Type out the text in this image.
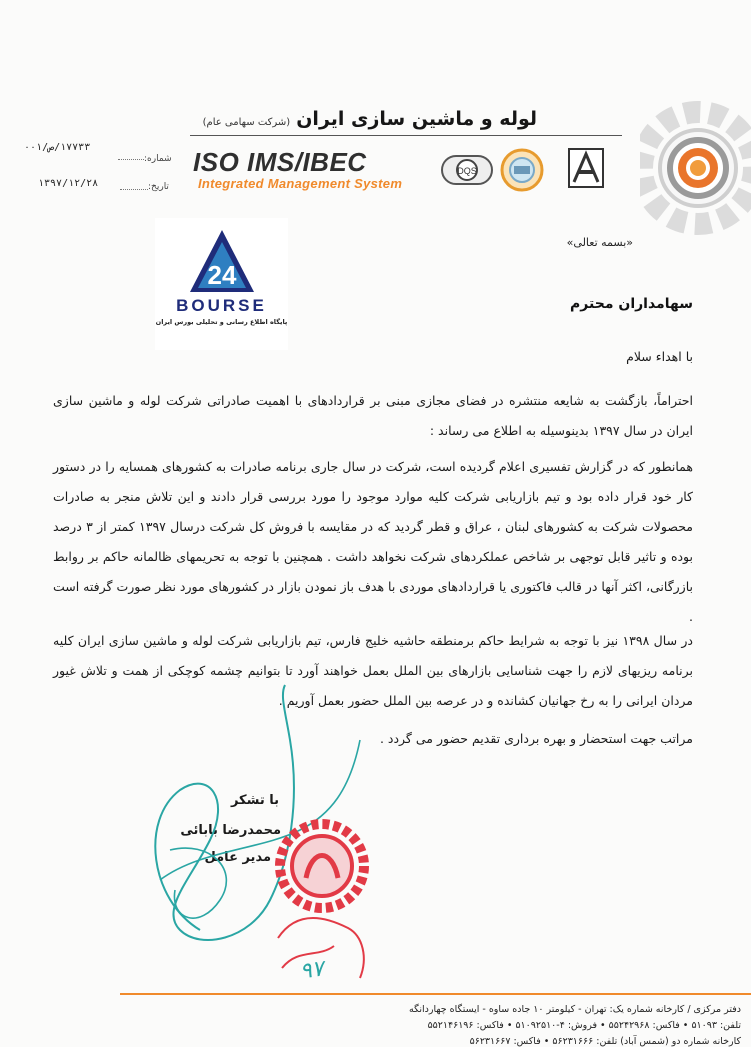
لوله و ماشین سازی ایران(شرکت سهامی عام)
DQS
ISO IMS/IBEC
Integrated Management System
۱۷۷۳۳/ص/۰۰۱
شماره:
۱۳۹۷/۱۲/۲۸	تاریخ:
24
BOURSE
پایگاه اطلاع رسانی و تحلیلی بورس ایران
«بسمه تعالی»
سهامداران محترم
با اهداء سلام
احتراماً، بازگشت به شایعه منتشره در فضای مجازی مبنی بر قراردادهای با اهمیت صادراتی شرکت لوله و ماشین سازی ایران در سال ۱۳۹۷ بدینوسیله به اطلاع می رساند :
همانطور که در گزارش تفسیری اعلام گردیده است، شرکت در سال جاری برنامه صادرات به کشورهای همسایه را در دستور کار خود قرار داده بود و تیم بازاریابی شرکت کلیه موارد موجود را مورد بررسی قرار دادند و این تلاش منجر به صادرات محصولات شرکت به کشورهای لبنان ، عراق و قطر گردید که در مقایسه با فروش کل شرکت درسال ۱۳۹۷ کمتر از ۳ درصد بوده و تاثیر قابل توجهی بر شاخص عملکردهای شرکت نخواهد داشت . همچنین با توجه به تحریمهای ظالمانه حاکم بر روابط بازرگانی، اکثر آنها در قالب فاکتوری یا قراردادهای موردی با هدف باز نمودن بازار در کشورهای مورد نظر صورت گرفته است .
در سال ۱۳۹۸ نیز با توجه به شرایط حاکم برمنطقه حاشیه خلیج فارس، تیم بازاریابی شرکت لوله و ماشین سازی ایران کلیه برنامه ریزیهای لازم را جهت شناسایی بازارهای بین الملل بعمل خواهند آورد تا بتوانیم چشمه کوچکی از همت و تلاش غیور مردان ایرانی را به رخ جهانیان کشانده و در عرصه بین الملل حضور بعمل آوریم .
مراتب جهت استحضار و بهره برداری تقدیم حضور می گردد .
با تشکر
محمدرضا بابائی
مدیر عامل
۹۷
دفتر مرکزی / کارخانه شماره یک: تهران - کیلومتر ۱۰ جاده ساوه - ایستگاه چهاردانگه
تلفن: ۵۱۰۹۳ • فاکس: ۵۵۲۴۲۹۶۸ • فروش: ۴-۵۱۰۹۲۵۱۰ • فاکس: ۵۵۲۱۴۶۱۹۶
کارخانه شماره دو (شمس آباد) تلفن: ۵۶۲۳۱۶۶۶ • فاکس: ۵۶۲۳۱۶۶۷
